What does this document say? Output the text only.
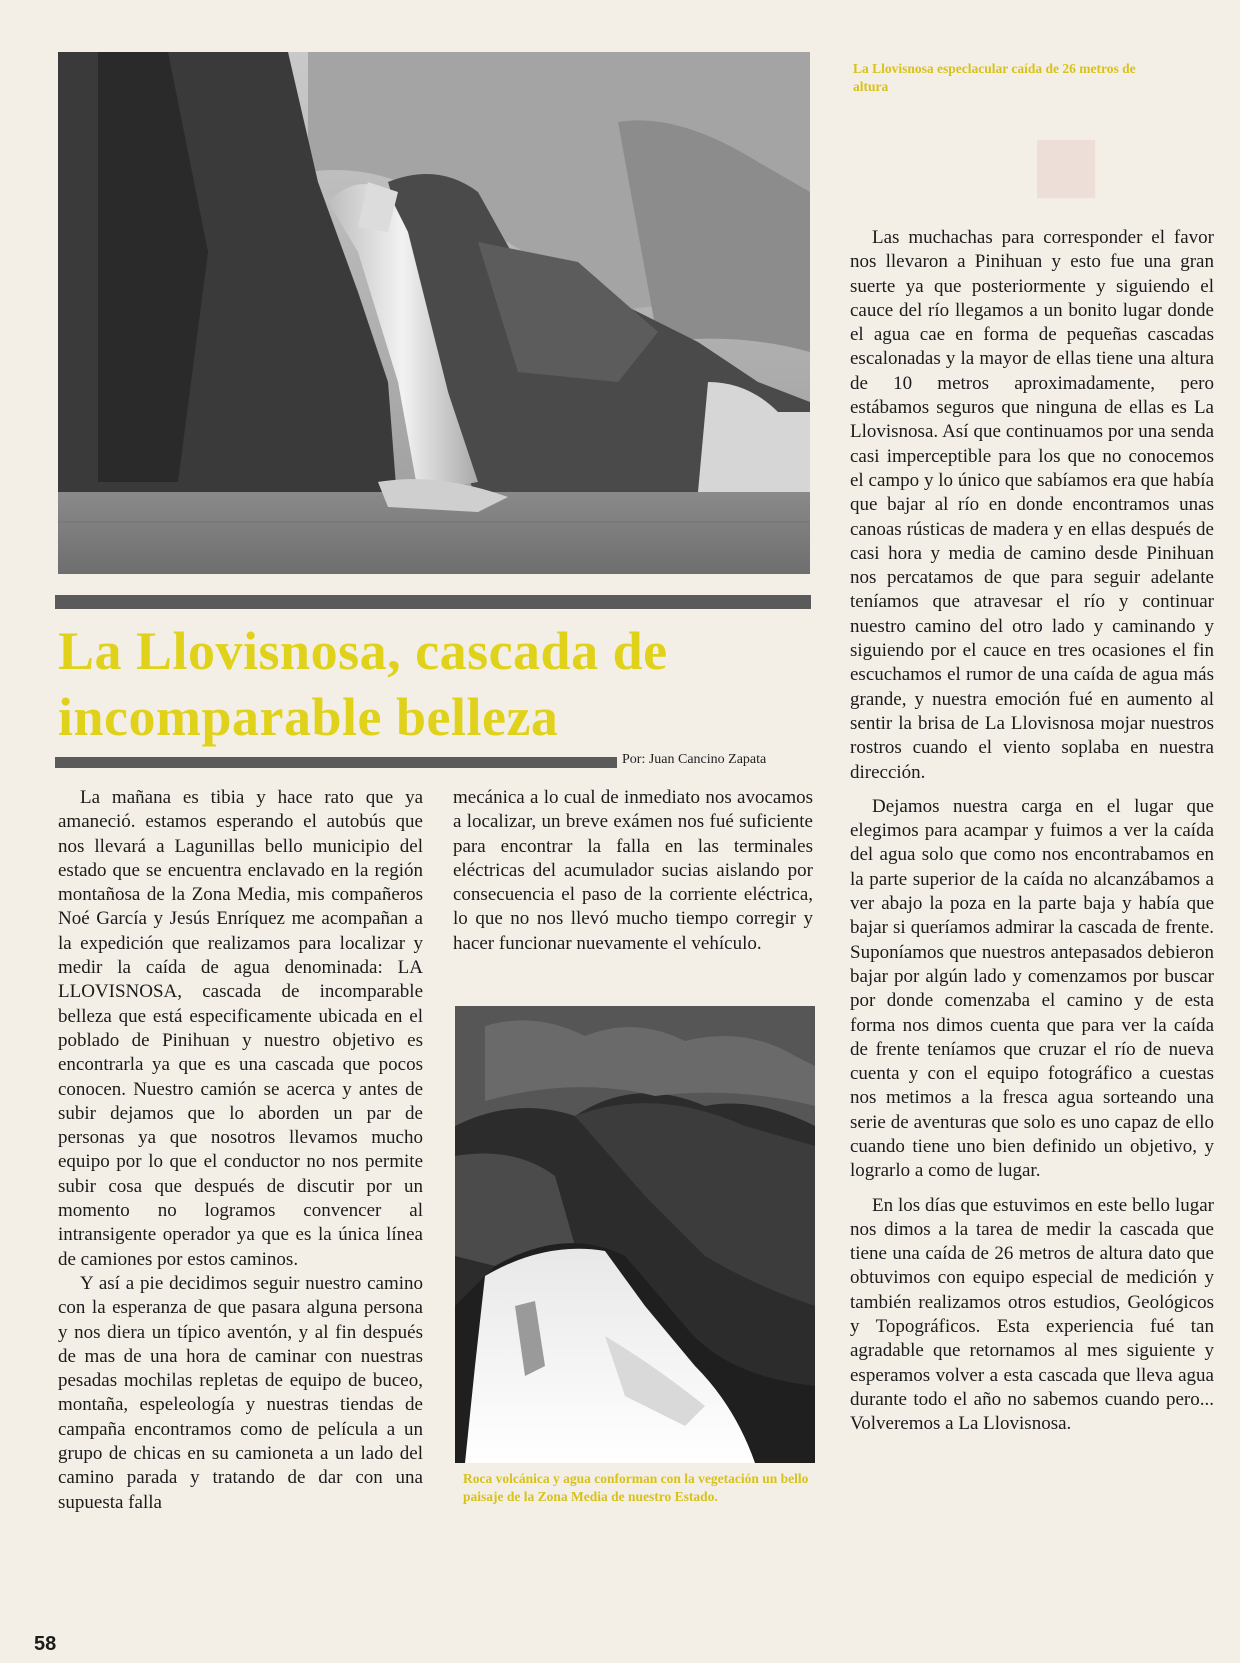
■
La Llovisnosa especlacular caída de 26 metros de altura
La Llovisnosa, cascada de incomparable belleza
Por: Juan Cancino Zapata

La mañana es tibia y hace rato que ya amaneció. estamos esperando el autobús que nos llevará a Lagunillas bello municipio del estado que se encuentra enclavado en la región montañosa de la Zona Media, mis compañeros Noé García y Jesús Enríquez me acompañan a la expedición que realizamos para localizar y medir la caída de agua denominada: LA LLOVISNOSA, cascada de incomparable belleza que está especificamente ubicada en el poblado de Pinihuan y nuestro objetivo es encontrarla ya que es una cascada que pocos conocen. Nuestro camión se acerca y antes de subir dejamos que lo aborden un par de personas ya que nosotros llevamos mucho equipo por lo que el conductor no nos permite subir cosa que después de discutir por un momento no logramos convencer al intransigente operador ya que es la única línea de camiones por estos caminos.

Y así a pie decidimos seguir nuestro camino con la esperanza de que pasara alguna persona y nos diera un típico aventón, y al fin después de mas de una hora de caminar con nuestras pesadas mochilas repletas de equipo de buceo, montaña, espeleología y nuestras tiendas de campaña encontramos como de película a un grupo de chicas en su camioneta a un lado del camino parada y tratando de dar con una supuesta falla

mecánica a lo cual de inmediato nos avocamos a localizar, un breve exámen nos fué suficiente para encontrar la falla en las terminales eléctricas del acumulador sucias aislando por consecuencia el paso de la corriente eléctrica, lo que no nos llevó mucho tiempo corregir y hacer funcionar nuevamente el vehículo.

Roca volcánica y agua conforman con la vegetación un bello paisaje de la Zona Media de nuestro Estado.

Las muchachas para corresponder el favor nos llevaron a Pinihuan y esto fue una gran suerte ya que posteriormente y siguiendo el cauce del río llegamos a un bonito lugar donde el agua cae en forma de pequeñas cascadas escalonadas y la mayor de ellas tiene una altura de 10 metros aproximadamente, pero estábamos seguros que ninguna de ellas es La Llovisnosa. Así que continuamos por una senda casi imperceptible para los que no conocemos el campo y lo único que sabíamos era que había que bajar al río en donde encontramos unas canoas rústicas de madera y en ellas después de casi hora y media de camino desde Pinihuan nos percatamos de que para seguir adelante teníamos que atravesar el río y continuar nuestro camino del otro lado y caminando y siguiendo por el cauce en tres ocasiones el fin escuchamos el rumor de una caída de agua más grande, y nuestra emoción fué en aumento al sentir la brisa de La Llovisnosa mojar nuestros rostros cuando el viento soplaba en nuestra dirección.

Dejamos nuestra carga en el lugar que elegimos para acampar y fuimos a ver la caída del agua solo que como nos encontrabamos en la parte superior de la caída no alcanzábamos a ver abajo la poza en la parte baja y había que bajar si queríamos admirar la cascada de frente. Suponíamos que nuestros antepasados debieron bajar por algún lado y comenzamos por buscar por donde comenzaba el camino y de esta forma nos dimos cuenta que para ver la caída de frente teníamos que cruzar el río de nueva cuenta y con el equipo fotográfico a cuestas nos metimos a la fresca agua sorteando una serie de aventuras que solo es uno capaz de ello cuando tiene uno bien definido un objetivo, y lograrlo a como de lugar.

En los días que estuvimos en este bello lugar nos dimos a la tarea de medir la cascada que tiene una caída de 26 metros de altura dato que obtuvimos con equipo especial de medición y también realizamos otros estudios, Geológicos y Topográficos. Esta experiencia fué tan agradable que retornamos al mes siguiente y esperamos volver a esta cascada que lleva agua durante todo el año no sabemos cuando pero... Volveremos a La Llovisnosa.

58
